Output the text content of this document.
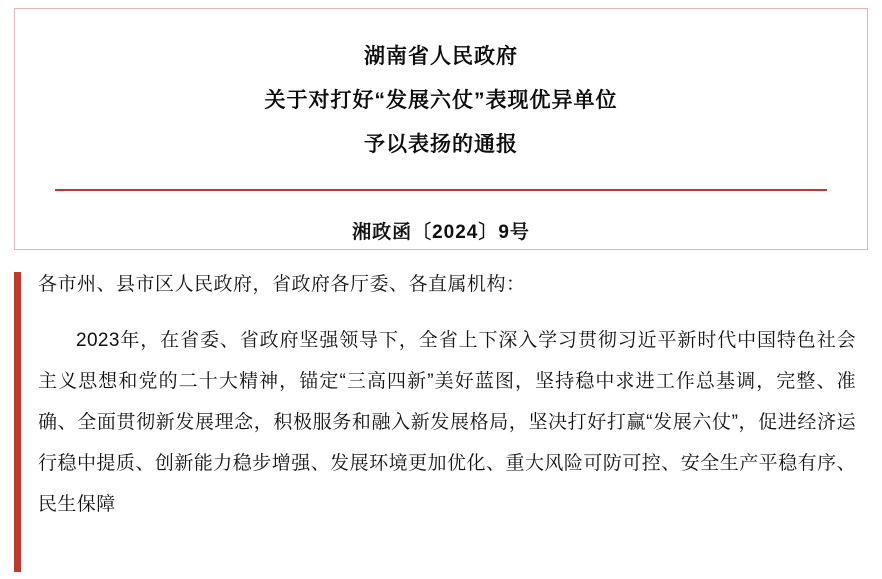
湖南省人民政府
关于对打好“发展六仗”表现优异单位
予以表扬的通报
湘政函〔2024〕9号

各市州、县市区人民政府，省政府各厅委、各直属机构：

2023年，在省委、省政府坚强领导下，全省上下深入学习贯彻习近平新时代中国特色社会主义思想和党的二十大精神，锚定“三高四新”美好蓝图，坚持稳中求进工作总基调，完整、准确、全面贯彻新发展理念，积极服务和融入新发展格局，坚决打好打赢“发展六仗”，促进经济运行稳中提质、创新能力稳步增强、发展环境更加优化、重大风险可防可控、安全生产平稳有序、民生保障
